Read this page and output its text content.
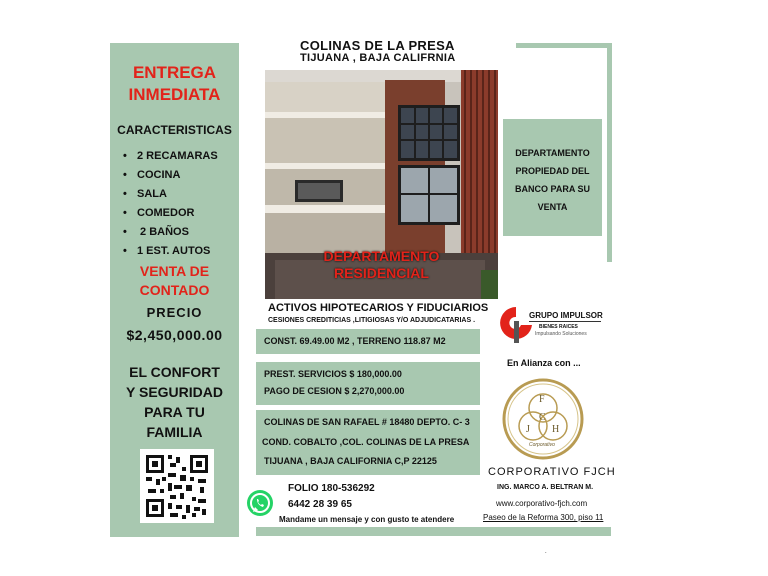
ENTREGA
INMEDIATA
CARACTERISTICAS
• 2 RECAMARAS
• COCINA
• SALA
• COMEDOR
• 2 BAÑOS
• 1 EST. AUTOS
VENTA DE
CONTADO
PRECIO
$2,450,000.00
EL CONFORT
Y SEGURIDAD
PARA TU
FAMILIA
COLINAS DE LA PRESA
TIJUANA , BAJA CALIFRNIA
DEPARTAMENTO
RESIDENCIAL
ACTIVOS HIPOTECARIOS Y FIDUCIARIOS
CESIONES CREDITICIAS ,LITIGIOSAS Y/O ADJUDICATARIAS .
CONST. 69.49.00 M2 , TERRENO 118.87 M2
PREST. SERVICIOS $ 180,000.00
PAGO DE CESION $ 2,270,000.00
COLINAS DE SAN RAFAEL # 18480 DEPTO. C- 3
COND. COBALTO ,COL. COLINAS DE LA PRESA
TIJUANA , BAJA CALIFORNIA C,P 22125
FOLIO 180-536292
6442 28 39 65
Mandame un mensaje y con gusto te atendere
DEPARTAMENTO
PROPIEDAD DEL
BANCO PARA SU
VENTA
GRUPO IMPULSOR
BIENES RAICES
Impulsando Soluciones
En Alianza con ...
F
C
J H
Corporativo
CORPORATIVO FJCH
ING. MARCO A. BELTRAN M.
www.corporativo-fjch.com
Paseo de la Reforma 300, piso 11
.
